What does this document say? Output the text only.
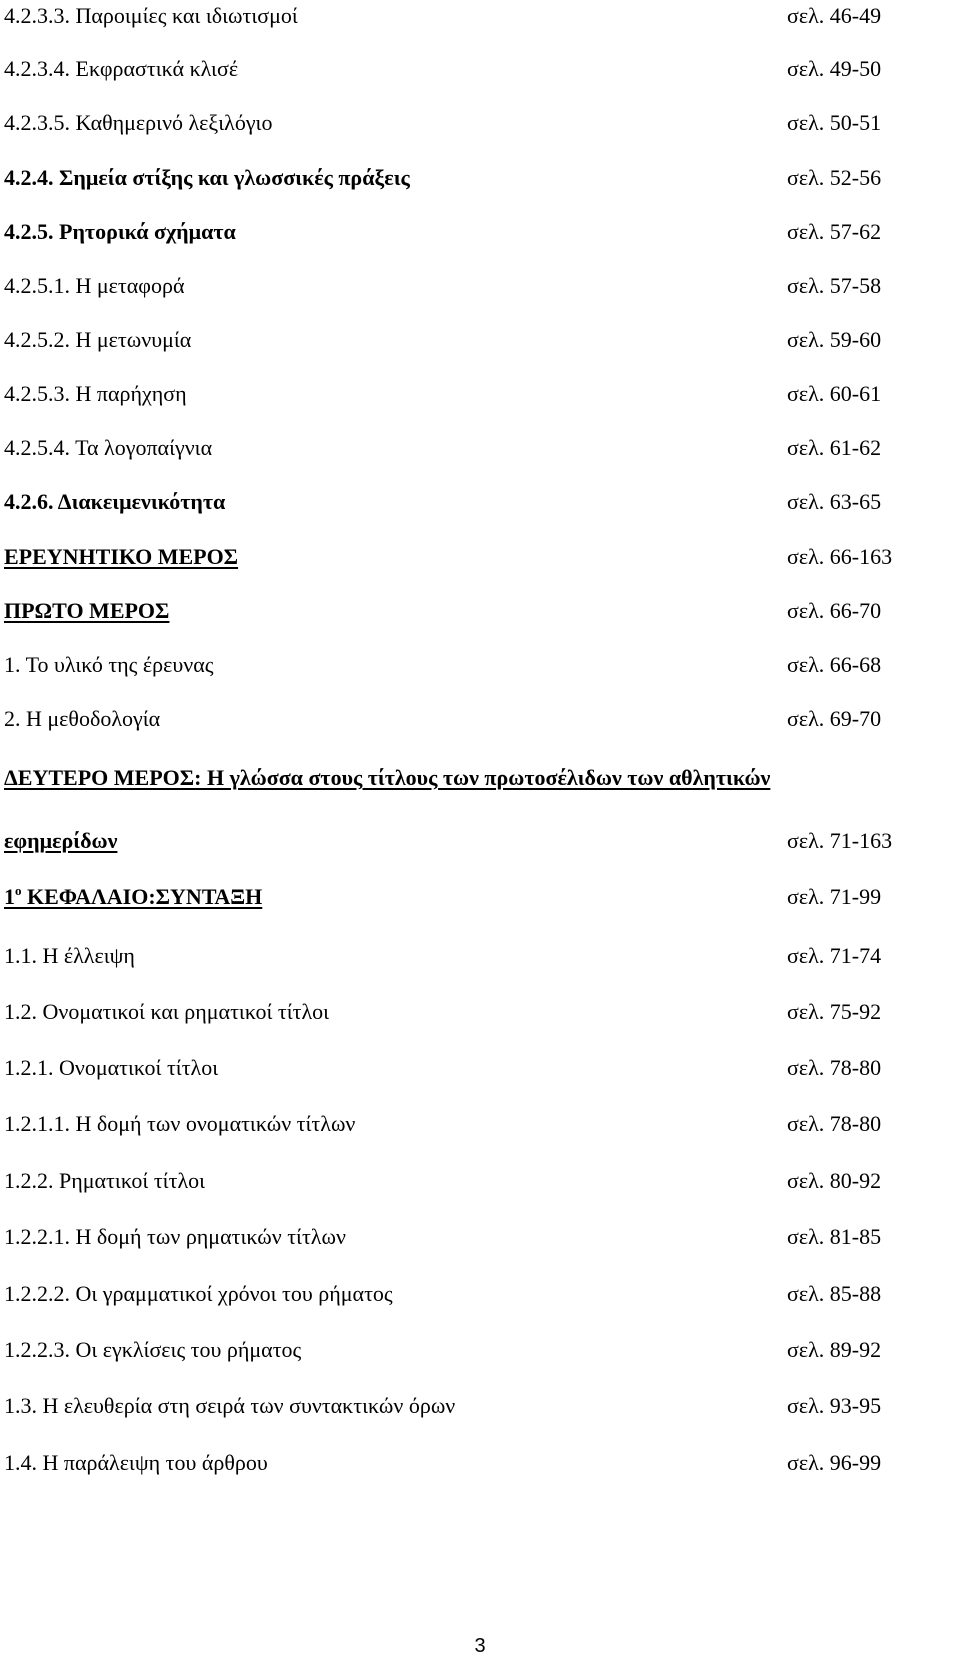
4.2.3.3. Παροιμίες και ιδιωτισμοί	σελ. 46-49
4.2.3.4. Εκφραστικά κλισέ	σελ. 49-50
4.2.3.5. Καθημερινό λεξιλόγιο	σελ. 50-51
4.2.4. Σημεία στίξης και γλωσσικές πράξεις	σελ. 52-56
4.2.5. Ρητορικά σχήματα	σελ. 57-62
4.2.5.1. Η μεταφορά	σελ. 57-58
4.2.5.2. Η μετωνυμία	σελ. 59-60
4.2.5.3. Η παρήχηση	σελ. 60-61
4.2.5.4. Τα λογοπαίγνια	σελ. 61-62
4.2.6. Διακειμενικότητα	σελ. 63-65
ΕΡΕΥΝΗΤΙΚΟ ΜΕΡΟΣ	σελ. 66-163
ΠΡΩΤΟ ΜΕΡΟΣ	σελ. 66-70
1. Το υλικό της έρευνας	σελ. 66-68
2. Η μεθοδολογία	σελ. 69-70
ΔΕΥΤΕΡΟ ΜΕΡΟΣ: Η γλώσσα στους τίτλους των πρωτοσέλιδων των αθλητικών
εφημερίδων	σελ. 71-163
$1^o$ ΚΕΦΑΛΑΙΟ:ΣΥΝΤΑΞΗ	σελ. 71-99
1.1. Η έλλειψη	σελ. 71-74
1.2. Ονοματικοί και ρηματικοί τίτλοι	σελ. 75-92
1.2.1. Ονοματικοί τίτλοι	σελ. 78-80
1.2.1.1. Η δομή των ονοματικών τίτλων	σελ. 78-80
1.2.2. Ρηματικοί τίτλοι	σελ. 80-92
1.2.2.1. Η δομή των ρηματικών τίτλων	σελ. 81-85
1.2.2.2. Οι γραμματικοί χρόνοι του ρήματος	σελ. 85-88
1.2.2.3. Οι εγκλίσεις του ρήματος	σελ. 89-92
1.3. Η ελευθερία στη σειρά των συντακτικών όρων	σελ. 93-95
1.4. Η παράλειψη του άρθρου	σελ. 96-99
3
